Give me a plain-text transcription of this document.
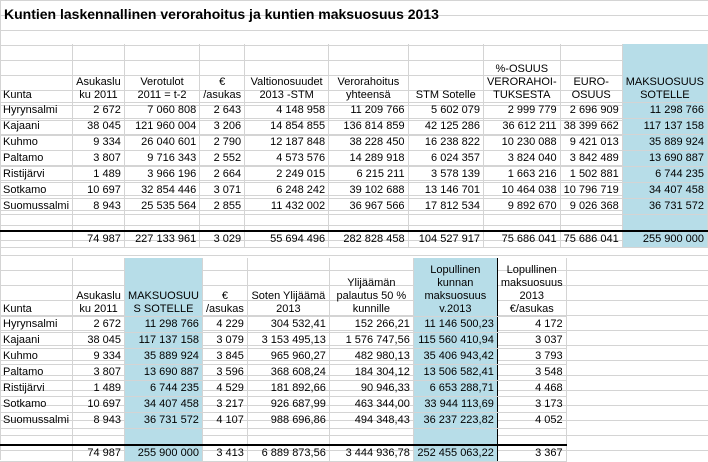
Kuntien laskennallinen verorahoitus ja kuntien maksuosuus 2013
Kunta	Asukaslu ku 2011	Verotulot 2011 = t-2	€ /asukas	Valtionosuudet 2013 -STM	Verorahoitus yhteensä	STM Sotelle	%-OSUUS VERORAHOI- TUKSESTA	EURO- OSUUS	MAKSUOSUUS SOTELLE
Hyrynsalmi	2 672	7 060 808	2 643	4 148 958	11 209 766	5 602 079	2 999 779	2 696 909	11 298 766
Kajaani	38 045	121 960 004	3 206	14 854 855	136 814 859	42 125 286	36 612 211	38 399 662	117 137 158
Kuhmo	9 334	26 040 601	2 790	12 187 848	38 228 450	16 238 822	10 230 088	9 421 013	35 889 924
Paltamo	3 807	9 716 343	2 552	4 573 576	14 289 918	6 024 357	3 824 040	3 842 489	13 690 887
Ristijärvi	1 489	3 966 196	2 664	2 249 015	6 215 211	3 578 139	1 663 216	1 502 881	6 744 235
Sotkamo	10 697	32 854 446	3 071	6 248 242	39 102 688	13 146 701	10 464 038	10 796 719	34 407 458
Suomussalmi	8 943	25 535 564	2 855	11 432 002	36 967 566	17 812 534	9 892 670	9 026 368	36 731 572

	74 987	227 133 961	3 029	55 694 496	282 828 458	104 527 917	75 686 041	75 686 041	255 900 000
Kunta	Asukaslu ku 2011	MAKSUOSUU S SOTELLE	€ /asukas	Soten Ylijäämä 2013	Ylijäämän palautus 50 % kunnille	Lopullinen kunnan maksuosuus v.2013	Lopullinen maksuosuus 2013 €/asukas
Hyrynsalmi	2 672	11 298 766	4 229	304 532,41	152 266,21	11 146 500,23	4 172
Kajaani	38 045	117 137 158	3 079	3 153 495,13	1 576 747,56	115 560 410,94	3 037
Kuhmo	9 334	35 889 924	3 845	965 960,27	482 980,13	35 406 943,42	3 793
Paltamo	3 807	13 690 887	3 596	368 608,24	184 304,12	13 506 582,41	3 548
Ristijärvi	1 489	6 744 235	4 529	181 892,66	90 946,33	6 653 288,71	4 468
Sotkamo	10 697	34 407 458	3 217	926 687,99	463 344,00	33 944 113,69	3 173
Suomussalmi	8 943	36 731 572	4 107	988 696,86	494 348,43	36 237 223,82	4 052

	74 987	255 900 000	3 413	6 889 873,56	3 444 936,78	252 455 063,22	3 367
